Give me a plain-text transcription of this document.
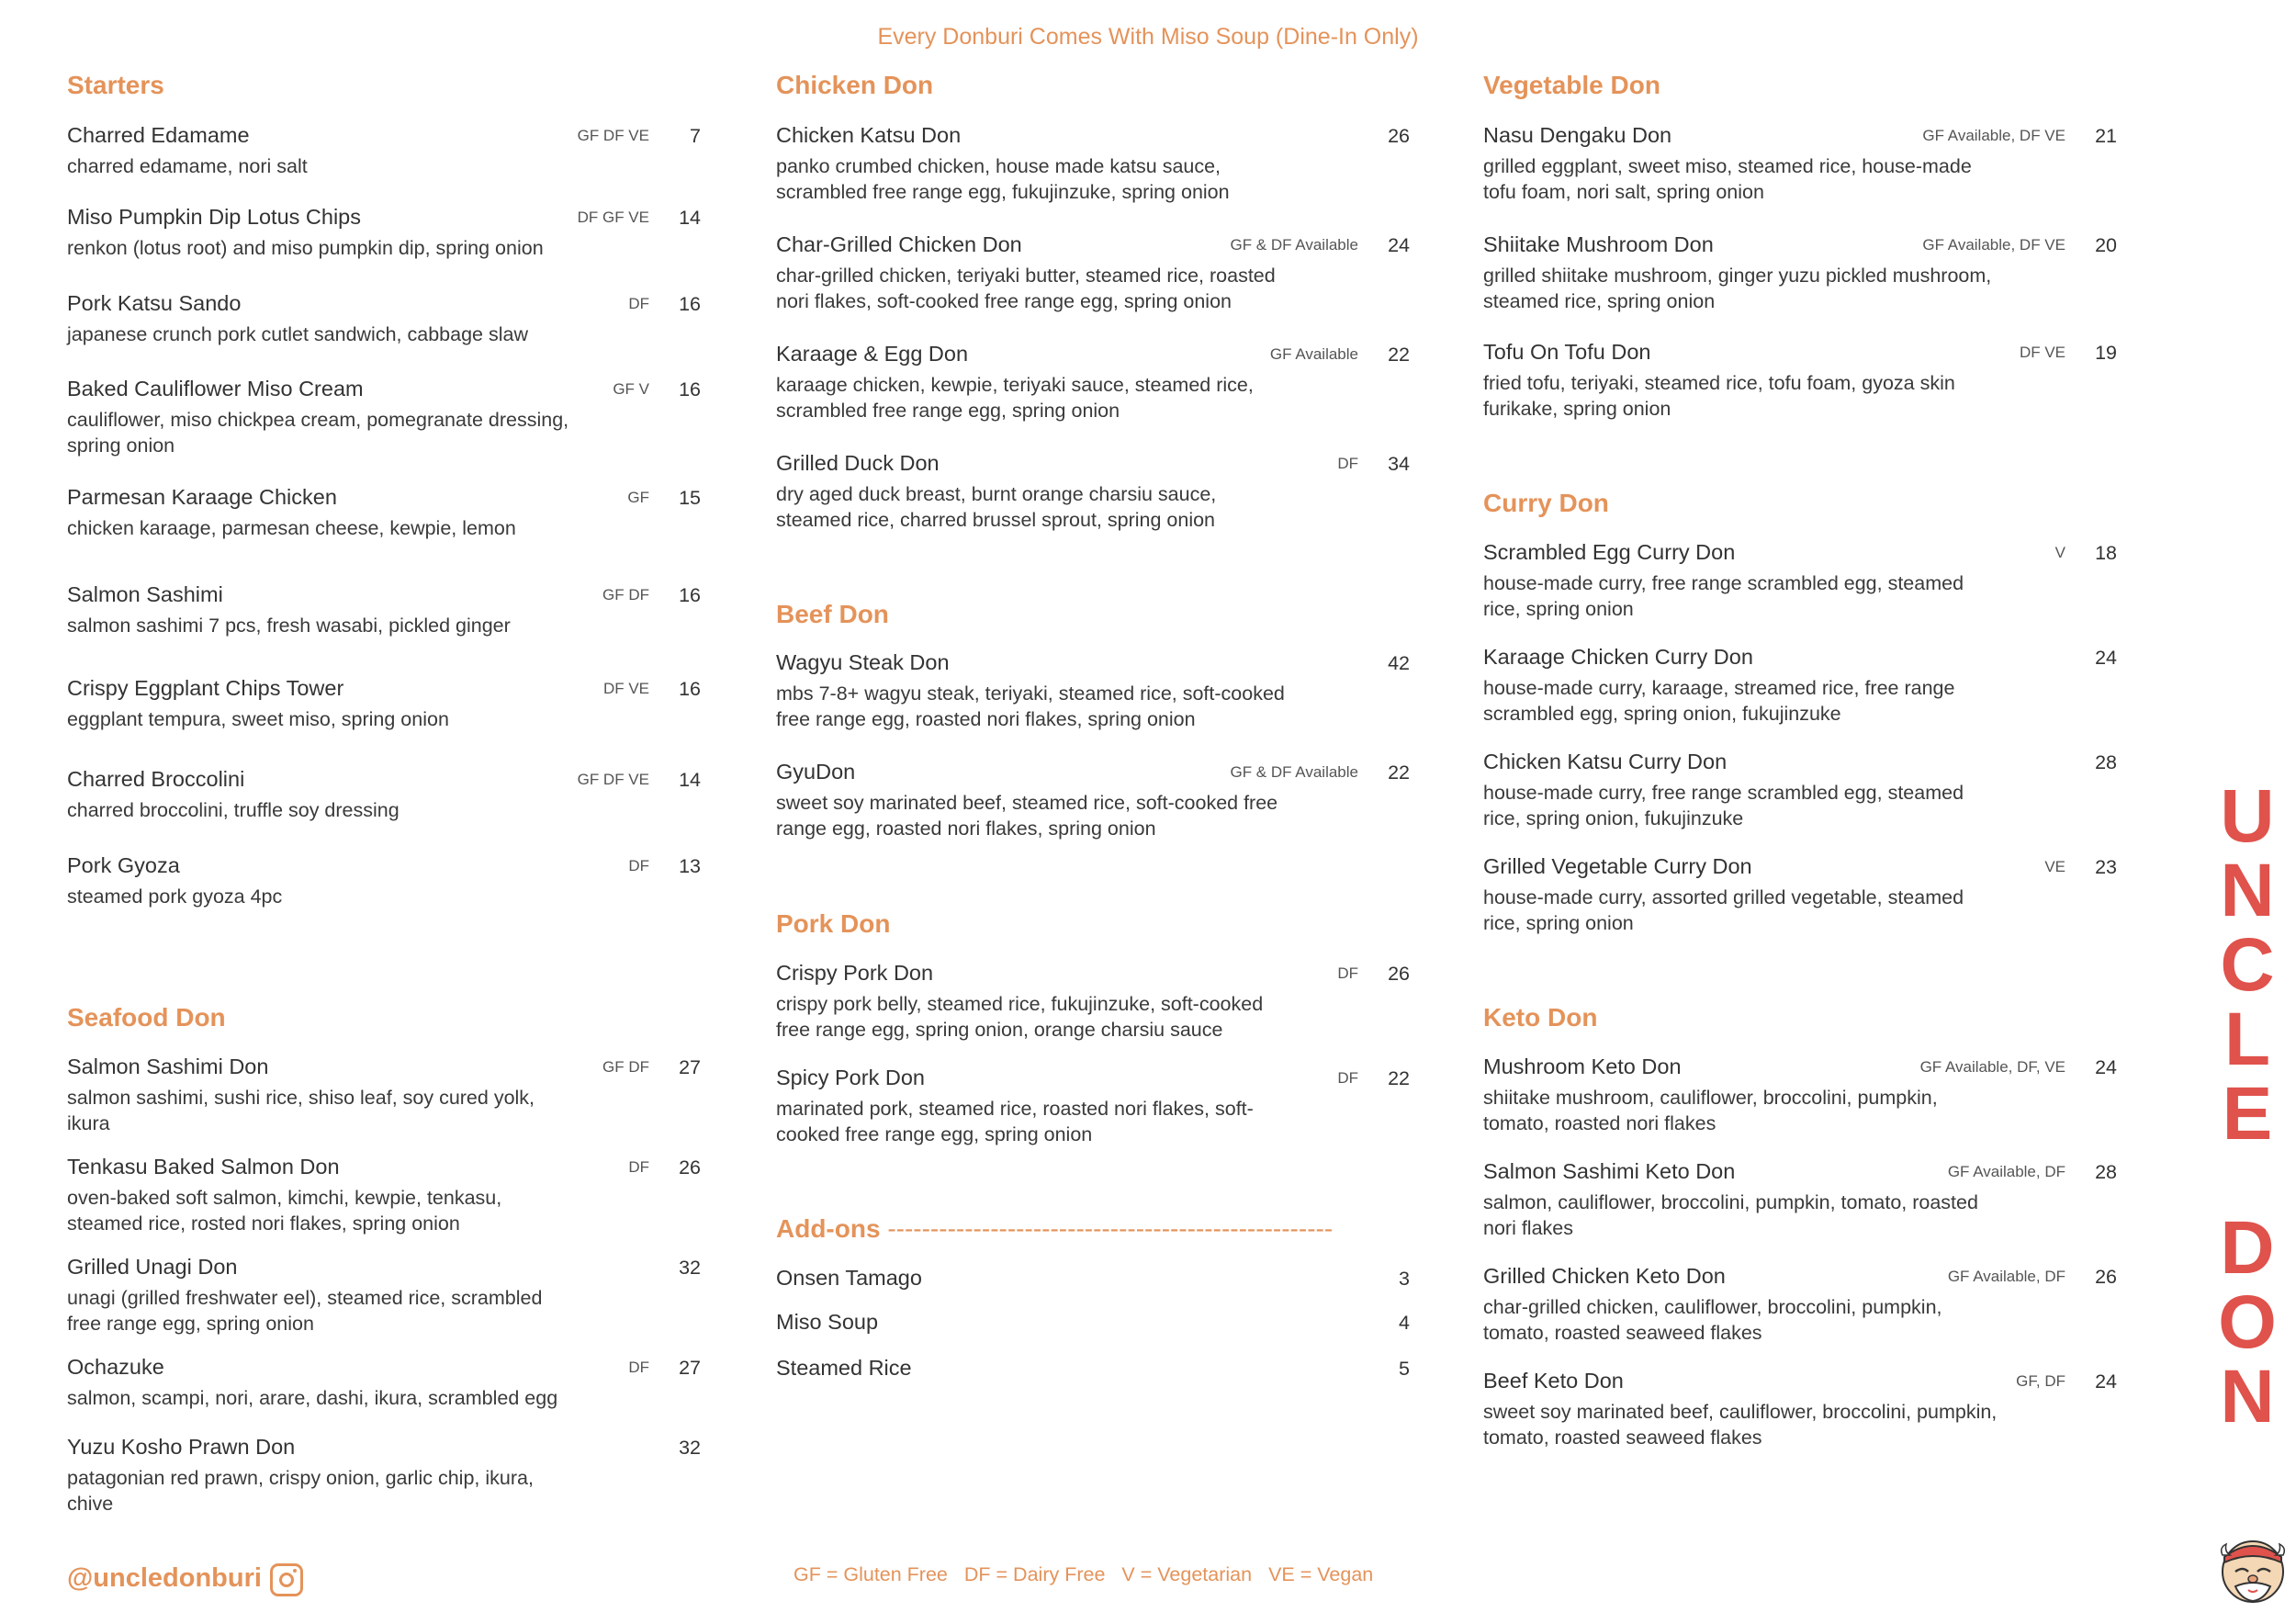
Every Donburi Comes With Miso Soup (Dine-In Only)
Starters
Charred Edamame	GF DF VE	7
charred edamame, nori salt
Miso Pumpkin Dip Lotus Chips	DF GF VE	14
renkon (lotus root) and miso pumpkin dip, spring onion
Pork Katsu Sando	DF	16
japanese crunch pork cutlet sandwich, cabbage slaw
Baked Cauliflower Miso Cream	GF V	16
cauliflower, miso chickpea cream, pomegranate dressing, spring onion
Parmesan Karaage Chicken	GF	15
chicken karaage, parmesan cheese, kewpie, lemon
Salmon Sashimi	GF DF	16
salmon sashimi 7 pcs, fresh wasabi, pickled ginger
Crispy Eggplant Chips Tower	DF VE	16
eggplant tempura, sweet miso, spring onion
Charred Broccolini	GF DF VE	14
charred broccolini, truffle soy dressing
Pork Gyoza	DF	13
steamed pork gyoza 4pc
Seafood Don
Salmon Sashimi Don	GF DF	27
salmon sashimi, sushi rice, shiso leaf, soy cured yolk, ikura
Tenkasu Baked Salmon Don	DF	26
oven-baked soft salmon, kimchi, kewpie, tenkasu, steamed rice, rosted nori flakes, spring onion
Grilled Unagi Don	32
unagi (grilled freshwater eel), steamed rice, scrambled free range egg, spring onion
Ochazuke	DF	27
salmon, scampi, nori, arare, dashi, ikura, scrambled egg
Yuzu Kosho Prawn Don	32
patagonian red prawn, crispy onion, garlic chip, ikura, chive
Chicken Don
Chicken Katsu Don	26
panko crumbed chicken, house made katsu sauce, scrambled free range egg, fukujinzuke, spring onion
Char-Grilled Chicken Don	GF & DF Available	24
char-grilled chicken, teriyaki butter, steamed rice, roasted nori flakes, soft-cooked free range egg, spring onion
Karaage & Egg Don	GF Available	22
karaage chicken, kewpie, teriyaki sauce, steamed rice, scrambled free range egg, spring onion
Grilled Duck Don	DF	34
dry aged duck breast, burnt orange charsiu sauce, steamed rice, charred brussel sprout, spring onion
Beef Don
Wagyu Steak Don	42
mbs 7-8+ wagyu steak, teriyaki, steamed rice, soft-cooked free range egg, roasted nori flakes, spring onion
GyuDon	GF & DF Available	22
sweet soy marinated beef, steamed rice, soft-cooked free range egg, roasted nori flakes, spring onion
Pork Don
Crispy Pork Don	DF	26
crispy pork belly, steamed rice, fukujinzuke, soft-cooked free range egg, spring onion, orange charsiu sauce
Spicy Pork Don	DF	22
marinated pork, steamed rice, roasted nori flakes, soft-cooked free range egg, spring onion
Add-ons ----------------------------------------------------
Onsen Tamago	3
Miso Soup	4
Steamed Rice	5
Vegetable Don
Nasu Dengaku Don	GF Available, DF VE	21
grilled eggplant, sweet miso, steamed rice, house-made tofu foam, nori salt, spring onion
Shiitake Mushroom Don	GF Available, DF VE	20
grilled shiitake mushroom, ginger yuzu pickled mushroom, steamed rice, spring onion
Tofu On Tofu Don	DF VE	19
fried tofu, teriyaki, steamed rice, tofu foam, gyoza skin furikake, spring onion
Curry Don
Scrambled Egg Curry Don	V	18
house-made curry, free range scrambled egg, steamed rice, spring onion
Karaage Chicken Curry Don	24
house-made curry, karaage, streamed rice, free range scrambled egg, spring onion, fukujinzuke
Chicken Katsu Curry Don	28
house-made curry, free range scrambled egg, steamed rice, spring onion, fukujinzuke
Grilled Vegetable Curry Don	VE	23
house-made curry, assorted grilled vegetable, steamed rice, spring onion
Keto Don
Mushroom Keto Don	GF Available, DF, VE	24
shiitake mushroom, cauliflower, broccolini, pumpkin, tomato, roasted nori flakes
Salmon Sashimi Keto Don	GF Available, DF	28
salmon, cauliflower, broccolini, pumpkin, tomato, roasted nori flakes
Grilled Chicken Keto Don	GF Available, DF	26
char-grilled chicken, cauliflower, broccolini, pumpkin, tomato, roasted seaweed flakes
Beef Keto Don	GF, DF	24
sweet soy marinated beef, cauliflower, broccolini, pumpkin, tomato, roasted seaweed flakes
@uncledonburi	GF = Gluten Free DF = Dairy Free V = Vegetarian VE = Vegan
U
N
C
L
E
D
O
N
